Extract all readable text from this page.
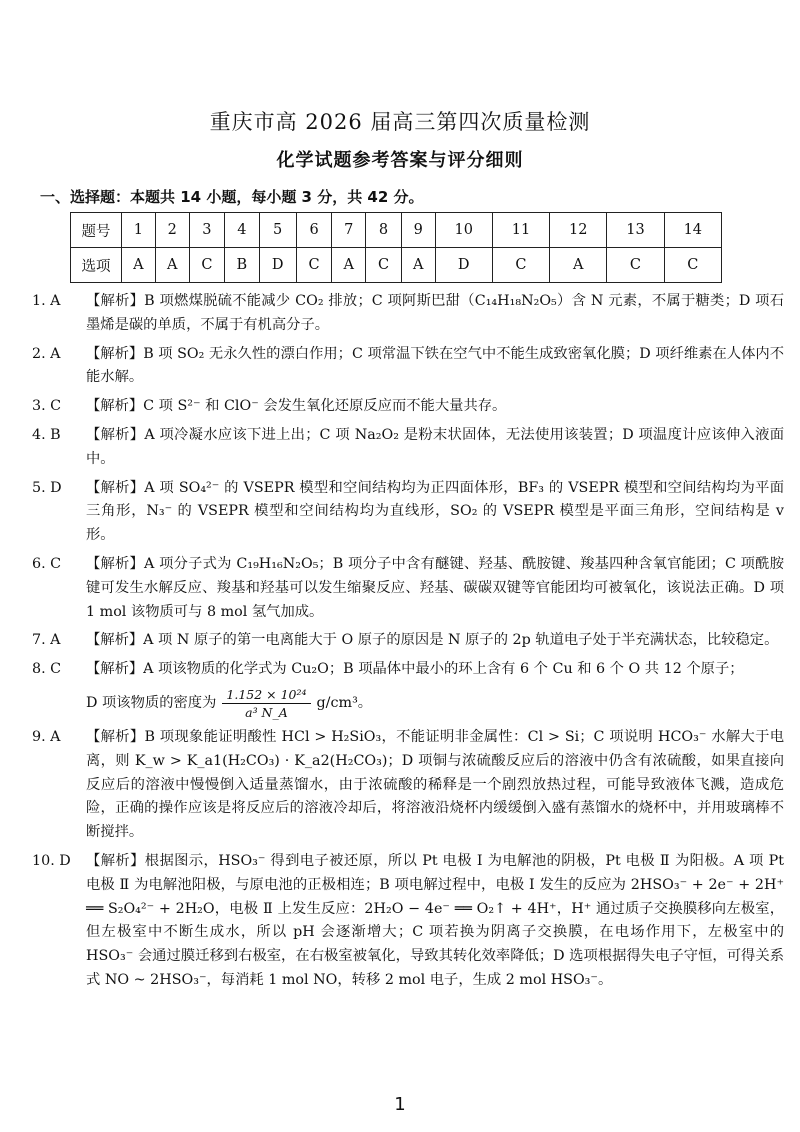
重庆市高 2026 届高三第四次质量检测
化学试题参考答案与评分细则
一、选择题：本题共 14 小题，每小题 3 分，共 42 分。
题号	1	2	3	4	5	6	7	8	9	10	11	12	13	14
选项	A	A	C	B	D	C	A	C	A	D	C	A	C	C
1. A	【解析】B 项燃煤脱硫不能减少 CO₂ 排放；C 项阿斯巴甜（C₁₄H₁₈N₂O₅）含 N 元素，不属于糖类；D 项石墨烯是碳的单质，不属于有机高分子。

2. A	【解析】B 项 SO₂ 无永久性的漂白作用；C 项常温下铁在空气中不能生成致密氧化膜；D 项纤维素在人体内不能水解。

3. C	【解析】C 项 S²⁻ 和 ClO⁻ 会发生氧化还原反应而不能大量共存。

4. B	【解析】A 项冷凝水应该下进上出；C 项 Na₂O₂ 是粉末状固体，无法使用该装置；D 项温度计应该伸入液面中。

5. D	【解析】A 项 SO₄²⁻ 的 VSEPR 模型和空间结构均为正四面体形，BF₃ 的 VSEPR 模型和空间结构均为平面三角形，N₃⁻ 的 VSEPR 模型和空间结构均为直线形，SO₂ 的 VSEPR 模型是平面三角形，空间结构是 v 形。

6. C	【解析】A 项分子式为 C₁₉H₁₆N₂O₅；B 项分子中含有醚键、羟基、酰胺键、羧基四种含氧官能团；C 项酰胺键可发生水解反应、羧基和羟基可以发生缩聚反应、羟基、碳碳双键等官能团均可被氧化，该说法正确。D 项 1 mol 该物质可与 8 mol 氢气加成。

7. A	【解析】A 项 N 原子的第一电离能大于 O 原子的原因是 N 原子的 2p 轨道电子处于半充满状态，比较稳定。

8. C	【解析】A 项该物质的化学式为 Cu₂O；B 项晶体中最小的环上含有 6 个 Cu 和 6 个 O 共 12 个原子；

D 项该物质的密度为 $\frac{\text{1.152 × 10²⁴}}{\text{a³ N\_A}} g/cm^3$。
9. A	【解析】B 项现象能证明酸性 HCl > H₂SiO₃，不能证明非金属性：Cl > Si；C 项说明 HCO₃⁻ 水解大于电离，则 K_w > K_a1(H₂CO₃) · K_a2(H₂CO₃)；D 项铜与浓硫酸反应后的溶液中仍含有浓硫酸，如果直接向反应后的溶液中慢慢倒入适量蒸馏水，由于浓硫酸的稀释是一个剧烈放热过程，可能导致液体飞溅，造成危险，正确的操作应该是将反应后的溶液冷却后，将溶液沿烧杯内缓缓倒入盛有蒸馏水的烧杯中，并用玻璃棒不断搅拌。

10. D	【解析】根据图示，HSO₃⁻ 得到电子被还原，所以 Pt 电极 Ⅰ 为电解池的阴极，Pt 电极 Ⅱ 为阳极。A 项 Pt 电极 Ⅱ 为电解池阳极，与原电池的正极相连；B 项电解过程中，电极 Ⅰ 发生的反应为 2HSO₃⁻ + 2e⁻ + 2H⁺ ══ S₂O₄²⁻ + 2H₂O，电极 Ⅱ 上发生反应：2H₂O − 4e⁻ ══ O₂↑ + 4H⁺，H⁺ 通过质子交换膜移向左极室，但左极室中不断生成水，所以 pH 会逐渐增大；C 项若换为阴离子交换膜，在电场作用下，左极室中的 HSO₃⁻ 会通过膜迁移到右极室，在右极室被氧化，导致其转化效率降低；D 选项根据得失电子守恒，可得关系式 NO ~ 2HSO₃⁻，每消耗 1 mol NO，转移 2 mol 电子，生成 2 mol HSO₃⁻。

1
